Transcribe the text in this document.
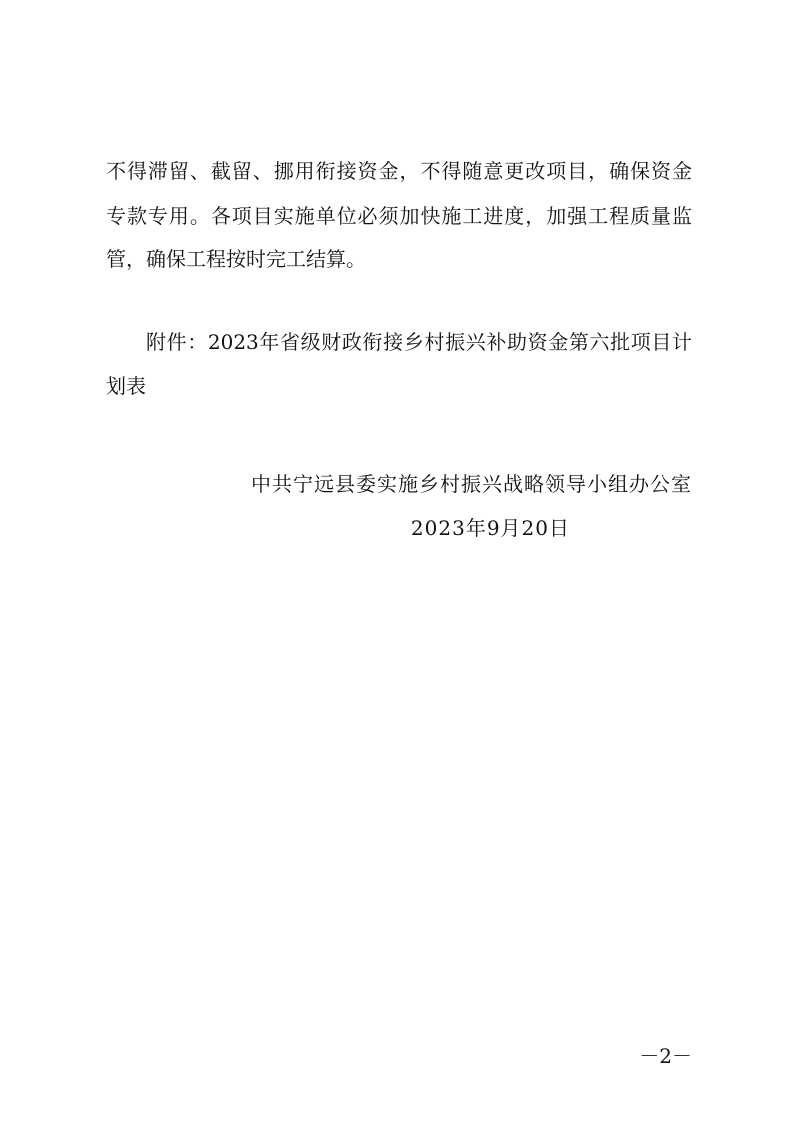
不得滞留、截留、挪用衔接资金，不得随意更改项目，确保资金
专款专用。各项目实施单位必须加快施工进度，加强工程质量监
管，确保工程按时完工结算。
附件：2023年省级财政衔接乡村振兴补助资金第六批项目计
划表
中共宁远县委实施乡村振兴战略领导小组办公室
2023年9月20日
－2－
